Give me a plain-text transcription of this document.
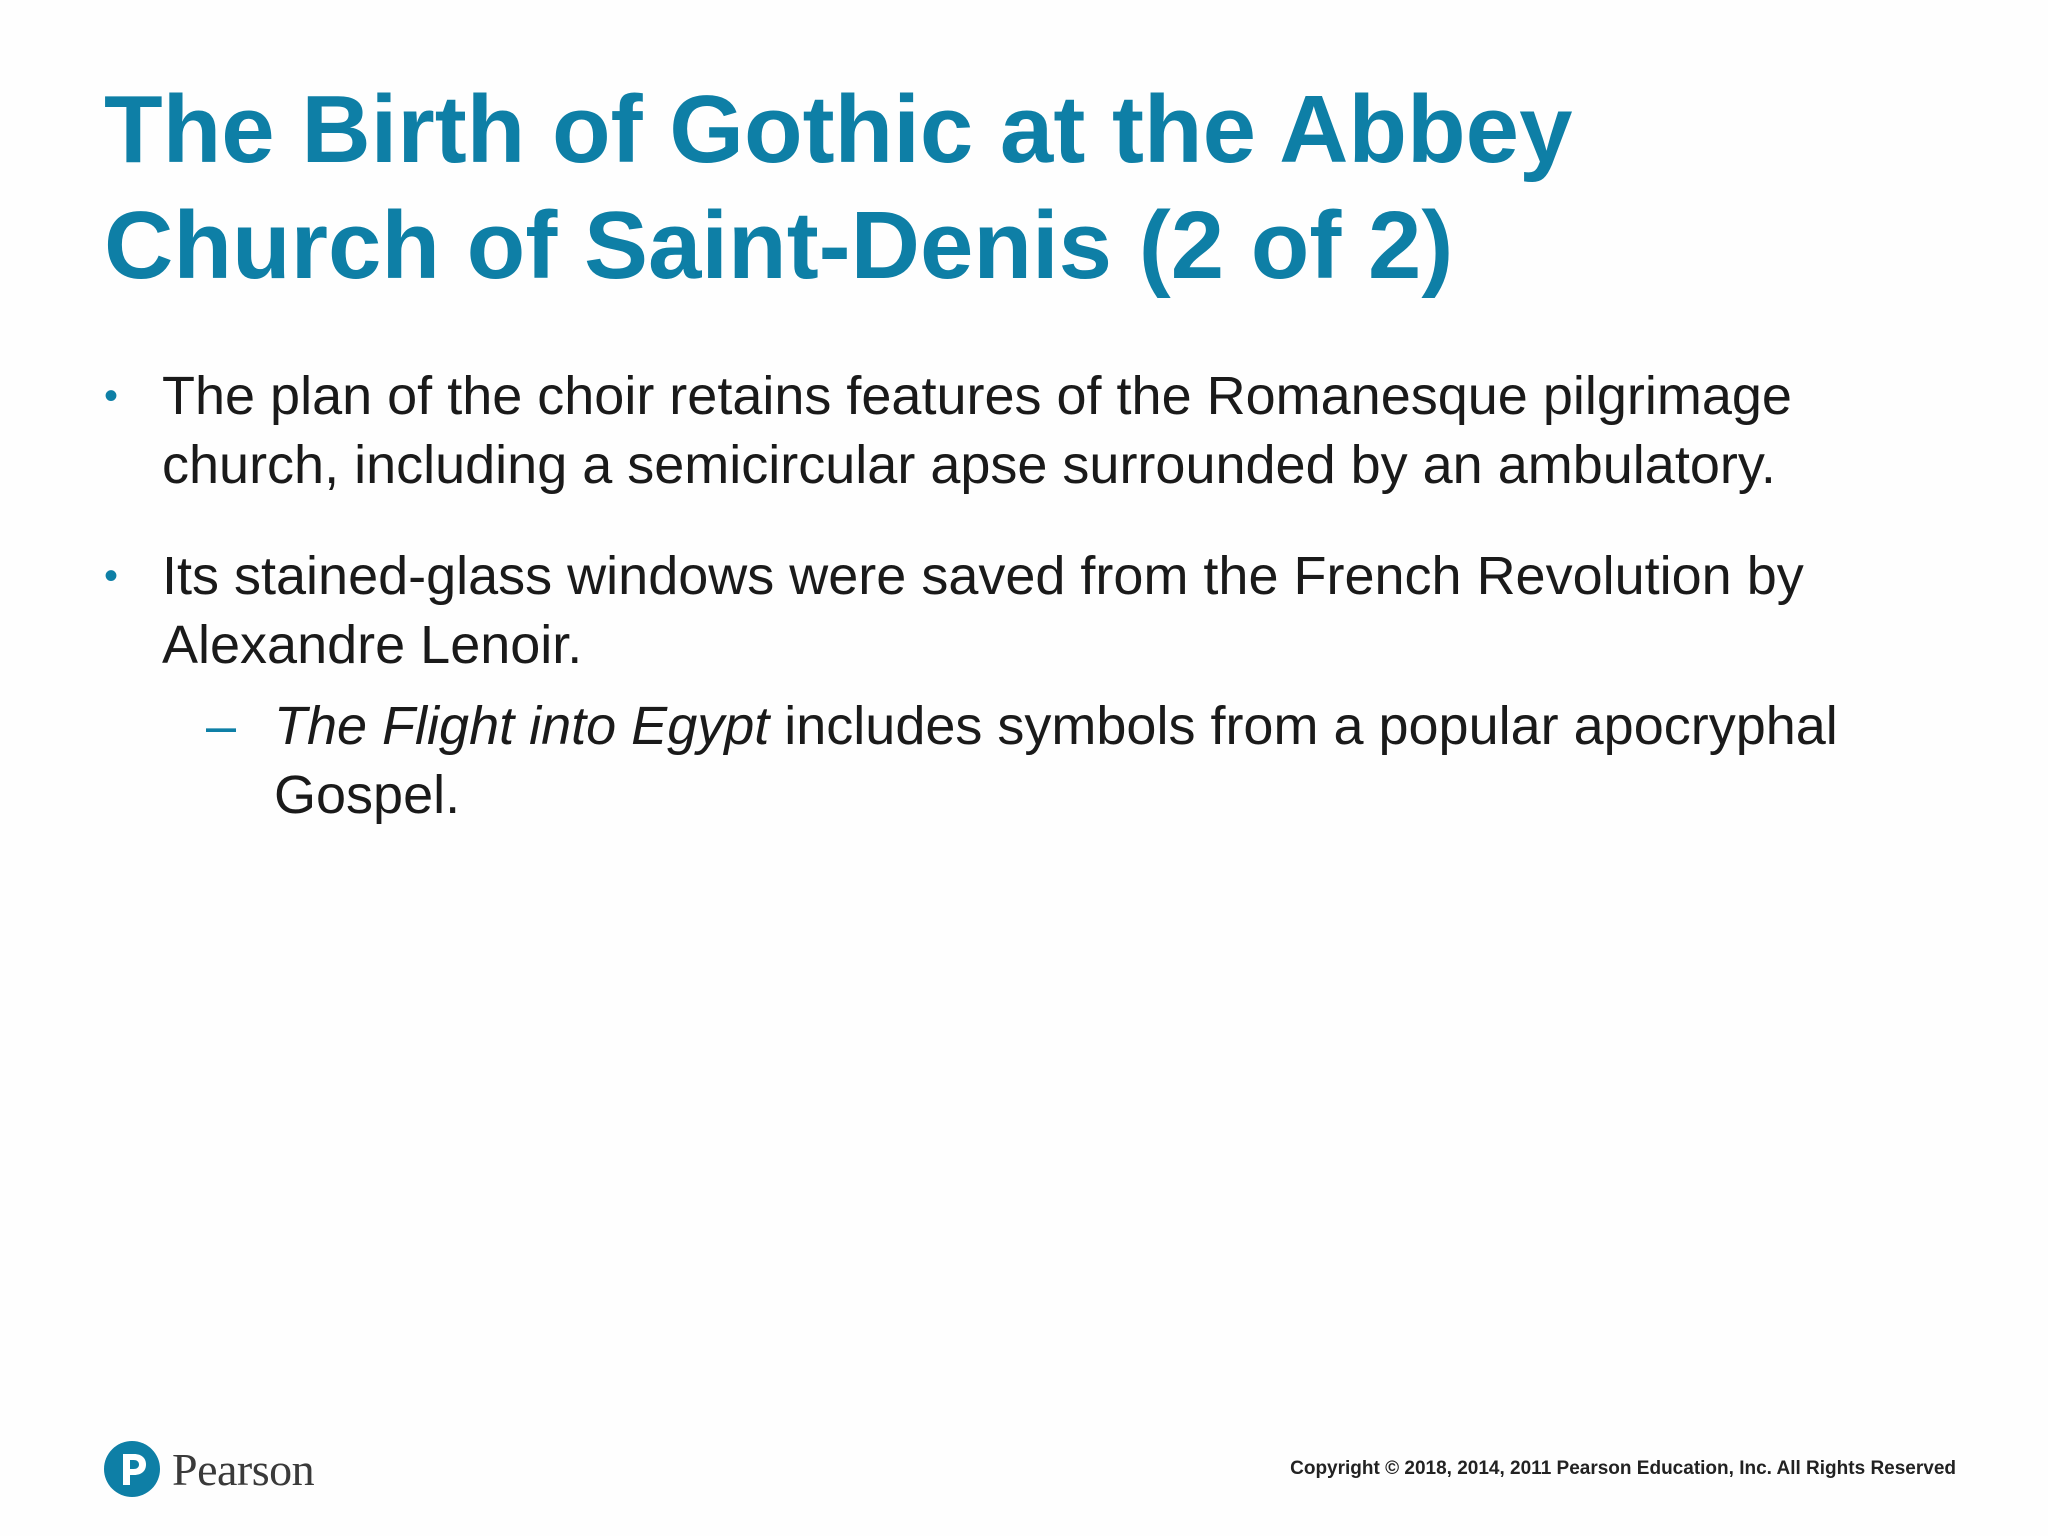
The Birth of Gothic at the Abbey
Church of Saint-Denis (2 of 2)
• The plan of the choir retains features of the Romanesque pilgrimage church, including a semicircular apse surrounded by an ambulatory.
• Its stained-glass windows were saved from the French Revolution by Alexandre Lenoir.
– The Flight into Egypt includes symbols from a popular apocryphal Gospel.
Pearson	Copyright © 2018, 2014, 2011 Pearson Education, Inc. All Rights Reserved
